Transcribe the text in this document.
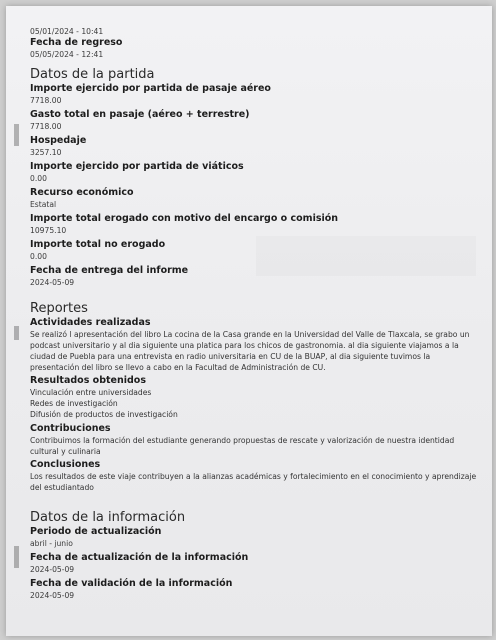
05/01/2024 - 10:41
Fecha de regreso
05/05/2024 - 12:41
Datos de la partida
Importe ejercido por partida de pasaje aéreo
7718.00
Gasto total en pasaje (aéreo + terrestre)
7718.00
Hospedaje
3257.10
Importe ejercido por partida de viáticos
0.00
Recurso económico
Estatal
Importe total erogado con motivo del encargo o comisión
10975.10
Importe total no erogado
0.00
Fecha de entrega del informe
2024-05-09
Reportes
Actividades realizadas
Se realizó l apresentación del libro La cocina de la Casa grande en la Universidad del Valle de Tlaxcala, se grabo un podcast universitario y al dia siguiente una platica para los chicos de gastronomia. al dia siguiente viajamos a la ciudad de Puebla para una entrevista en radio universitaria en CU de la BUAP, al dia siguiente tuvimos la presentación del libro se llevo a cabo en la Facultad de Administración de CU.
Resultados obtenidos
Vinculación entre universidades
Redes de investigación
Difusión de productos de investigación
Contribuciones
Contribuimos la formación del estudiante generando propuestas de rescate y valorización de nuestra identidad cultural y culinaria
Conclusiones
Los resultados de este viaje contribuyen a la alianzas académicas y fortalecimiento en el conocimiento y aprendizaje del estudiantado
Datos de la información
Periodo de actualización
abril - junio
Fecha de actualización de la información
2024-05-09
Fecha de validación de la información
2024-05-09
